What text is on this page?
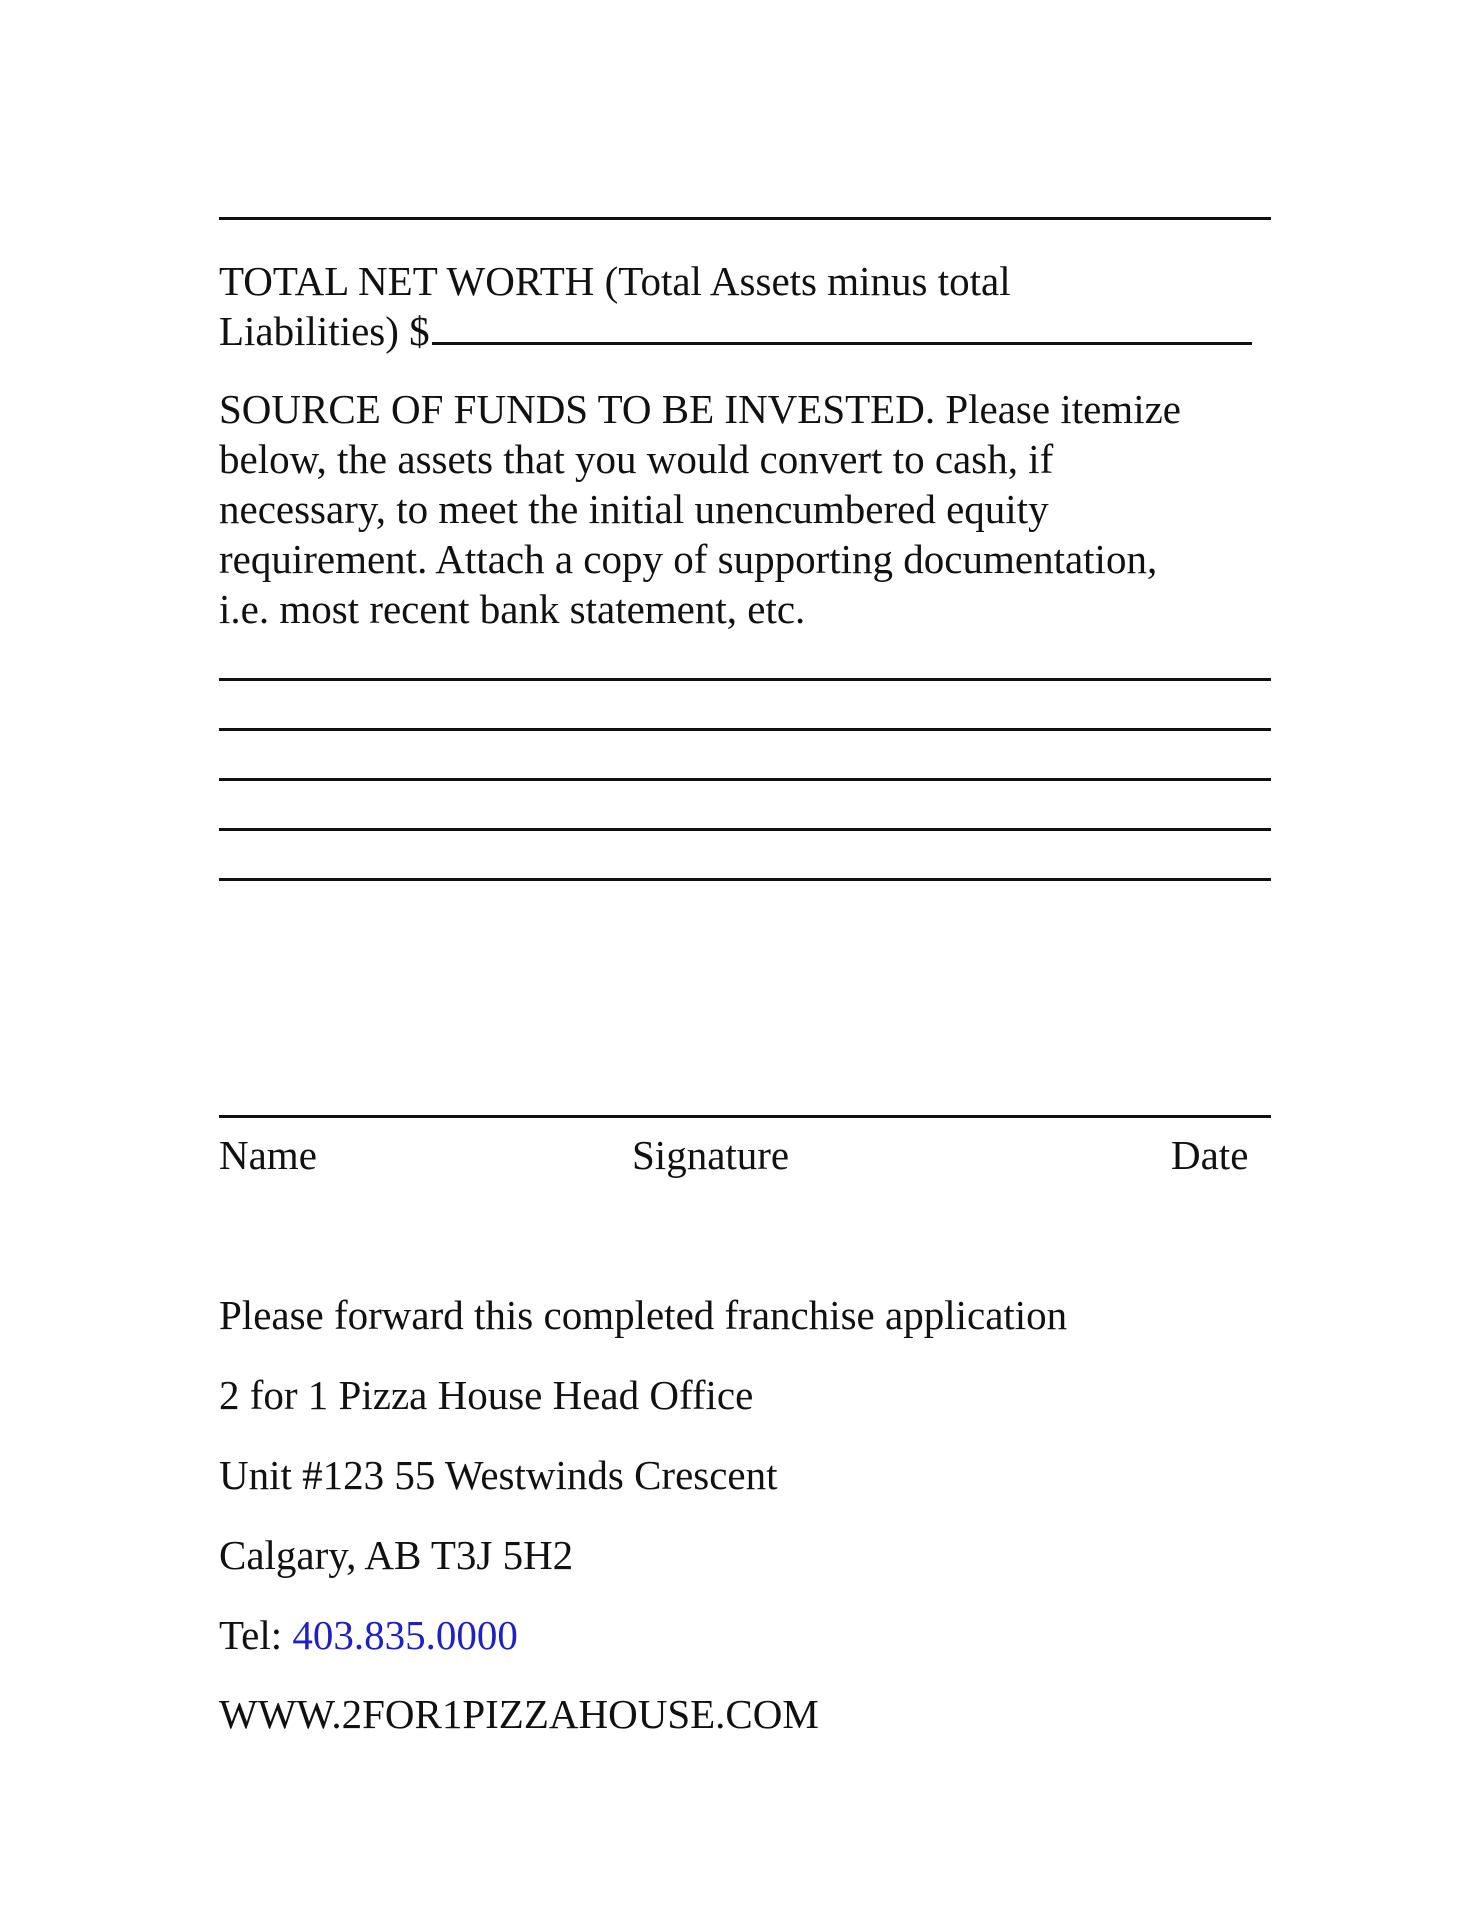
TOTAL NET WORTH (Total Assets minus total
Liabilities) $
SOURCE OF FUNDS TO BE INVESTED. Please itemize
below, the assets that you would convert to cash, if
necessary, to meet the initial unencumbered equity
requirement. Attach a copy of supporting documentation,
i.e. most recent bank statement, etc.
Name	Signature	Date
Please forward this completed franchise application
2 for 1 Pizza House Head Office
Unit #123 55 Westwinds Crescent
Calgary, AB T3J 5H2
Tel: 403.835.0000
WWW.2FOR1PIZZAHOUSE.COM
